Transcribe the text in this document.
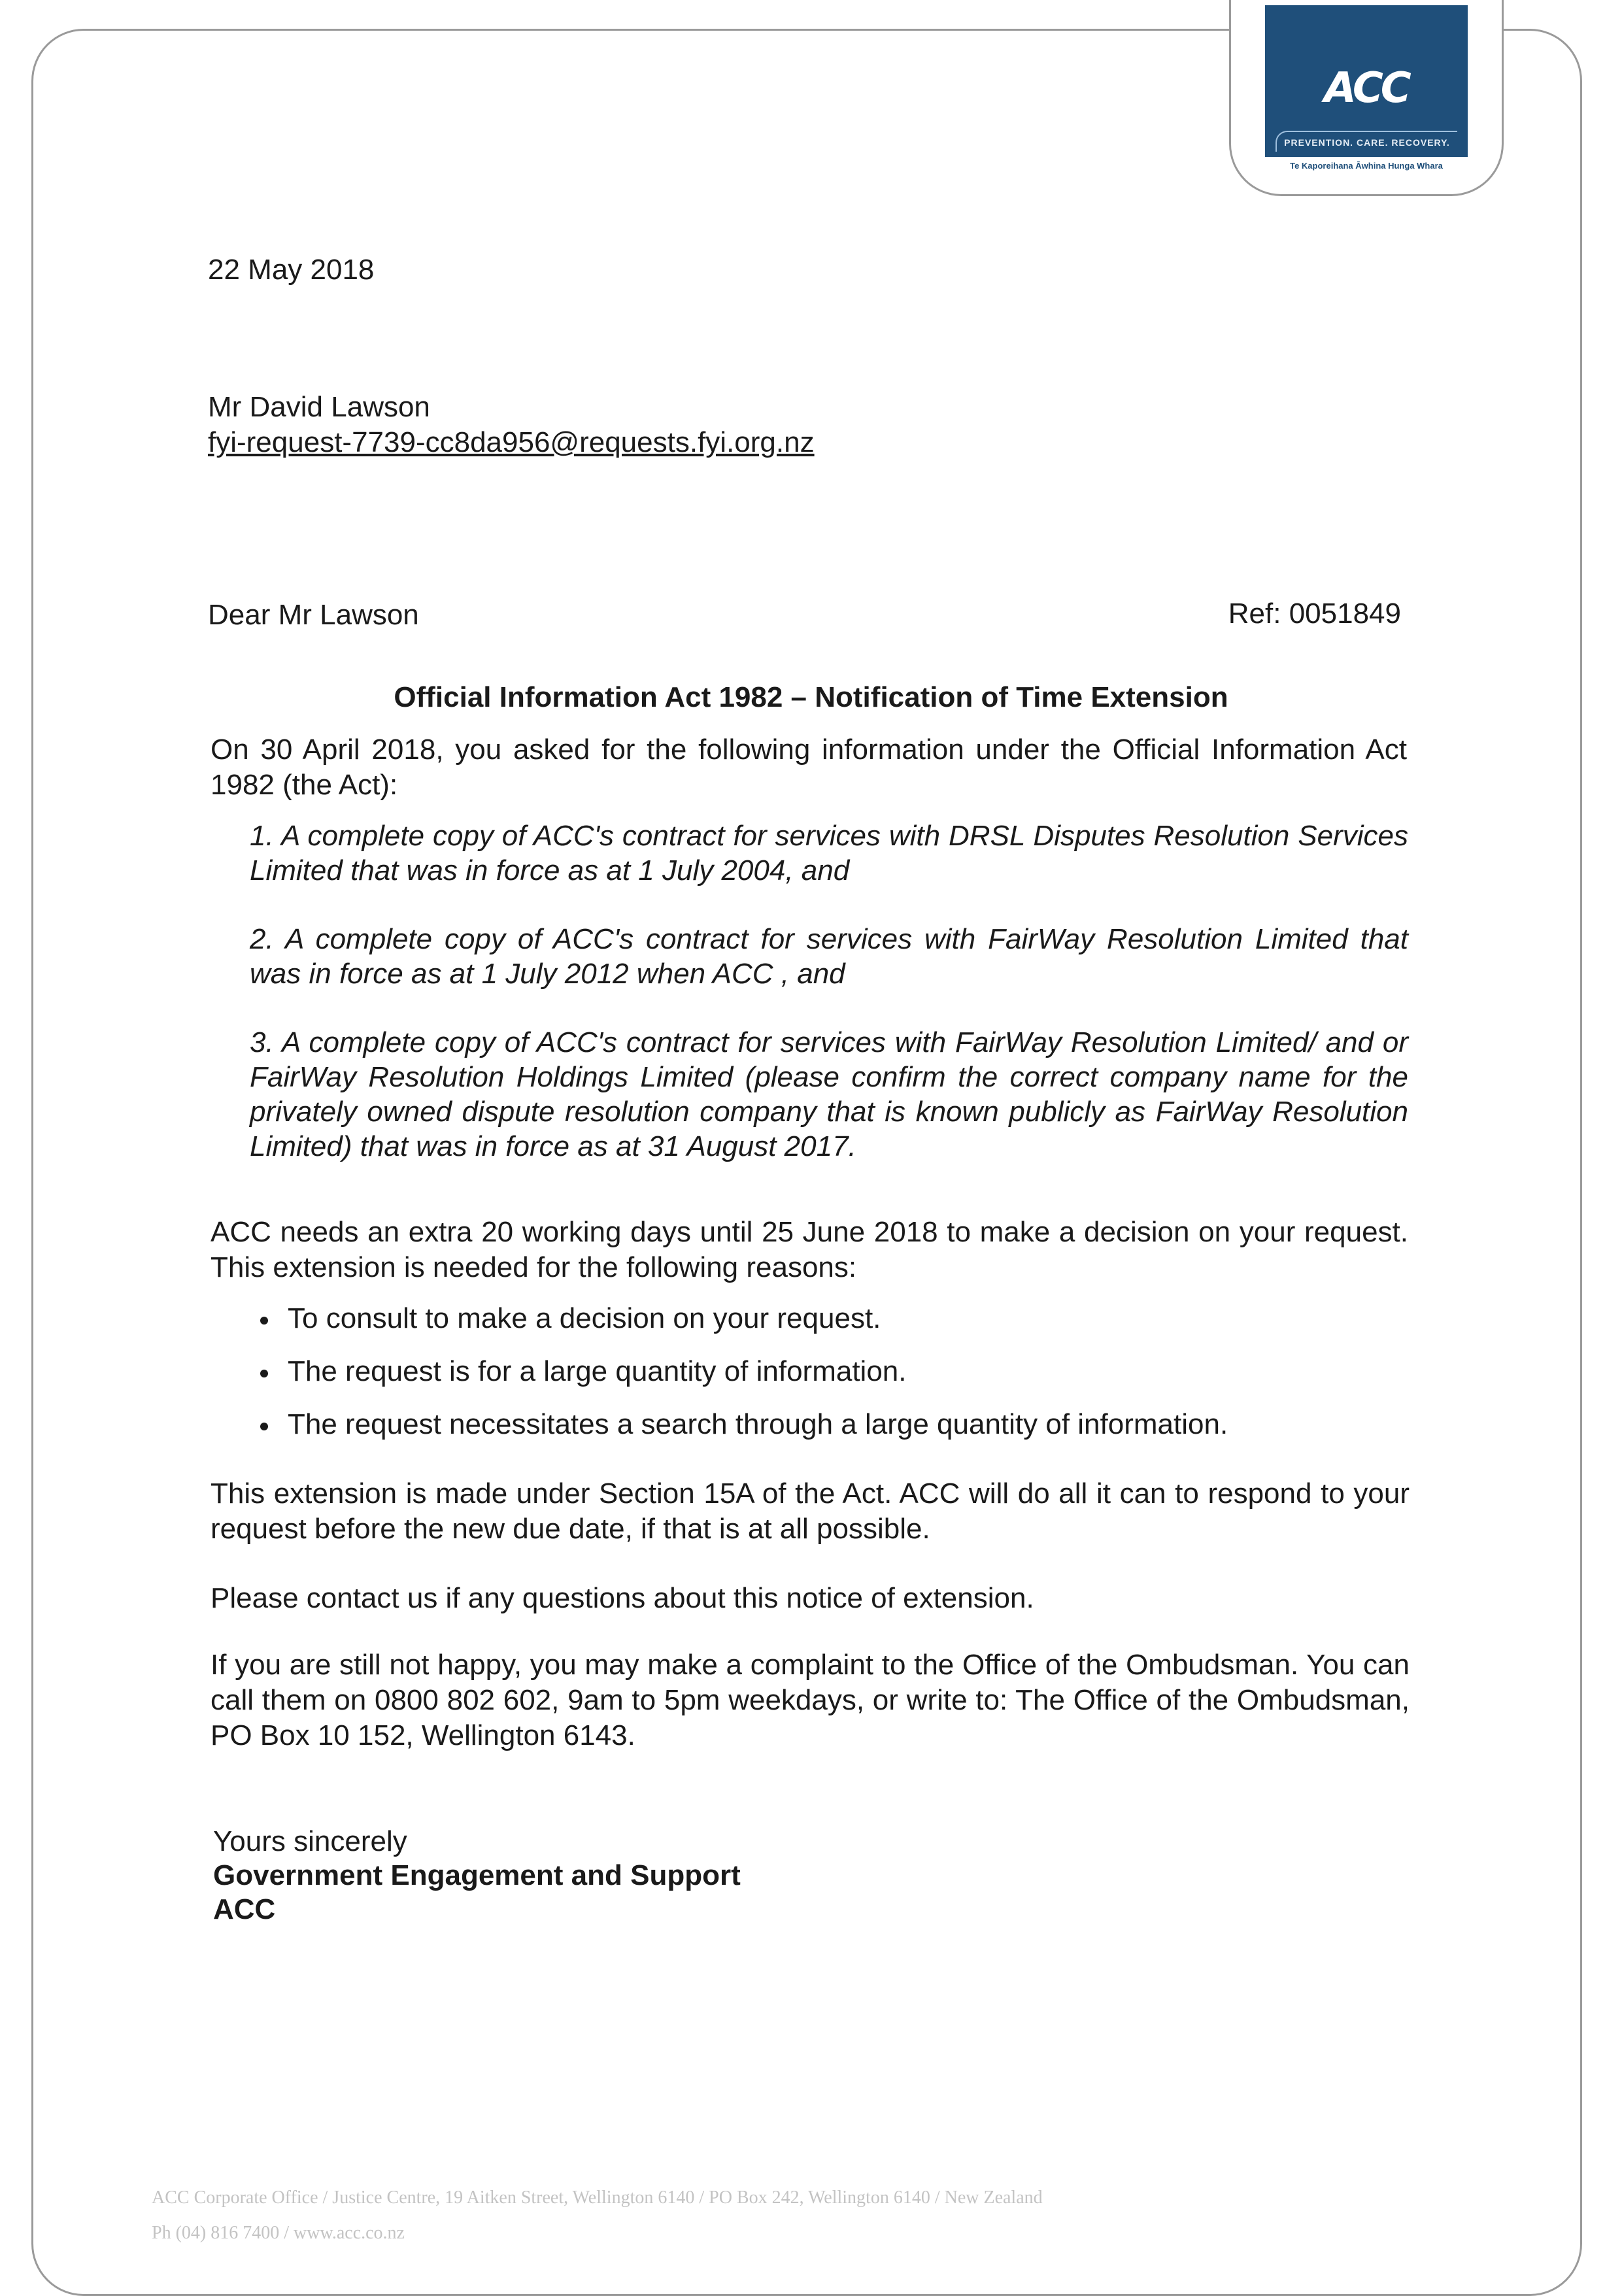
ACC
PREVENTION. CARE. RECOVERY.
Te Kaporeihana Āwhina Hunga Whara
22 May 2018
Mr David Lawson
fyi-request-7739-cc8da956@requests.fyi.org.nz
Dear Mr Lawson	Ref: 0051849
Official Information Act 1982 – Notification of Time Extension
On 30 April 2018, you asked for the following information under the Official Information Act 1982 (the Act):
1. A complete copy of ACC's contract for services with DRSL Disputes Resolution Services Limited that was in force as at 1 July 2004, and
2. A complete copy of ACC's contract for services with FairWay Resolution Limited that was in force as at 1 July 2012 when ACC , and
3. A complete copy of ACC's contract for services with FairWay Resolution Limited/ and or FairWay Resolution Holdings Limited (please confirm the correct company name for the privately owned dispute resolution company that is known publicly as FairWay Resolution Limited) that was in force as at 31 August 2017.
ACC needs an extra 20 working days until 25 June 2018 to make a decision on your request. This extension is needed for the following reasons:
To consult to make a decision on your request.
The request is for a large quantity of information.
The request necessitates a search through a large quantity of information.
This extension is made under Section 15A of the Act. ACC will do all it can to respond to your request before the new due date, if that is at all possible.
Please contact us if any questions about this notice of extension.
If you are still not happy, you may make a complaint to the Office of the Ombudsman. You can call them on 0800 802 602, 9am to 5pm weekdays, or write to: The Office of the Ombudsman, PO Box 10 152, Wellington 6143.
Yours sincerely
Government Engagement and Support
ACC
ACC Corporate Office / Justice Centre, 19 Aitken Street, Wellington 6140 / PO Box 242, Wellington 6140 / New Zealand
Ph (04) 816 7400 / www.acc.co.nz
